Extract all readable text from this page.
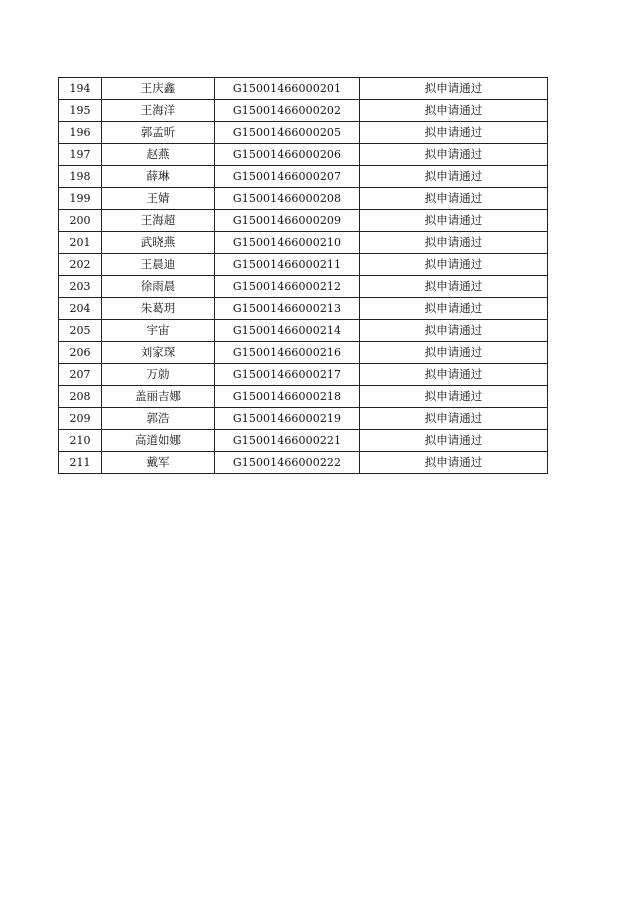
194	王庆鑫	G15001466000201	拟申请通过
195	王海洋	G15001466000202	拟申请通过
196	郭孟昕	G15001466000205	拟申请通过
197	赵燕	G15001466000206	拟申请通过
198	薛琳	G15001466000207	拟申请通过
199	王婧	G15001466000208	拟申请通过
200	王海超	G15001466000209	拟申请通过
201	武晓燕	G15001466000210	拟申请通过
202	王晨迪	G15001466000211	拟申请通过
203	徐雨晨	G15001466000212	拟申请通过
204	朱葛玥	G15001466000213	拟申请通过
205	宇宙	G15001466000214	拟申请通过
206	刘家琛	G15001466000216	拟申请通过
207	万勍	G15001466000217	拟申请通过
208	盖丽吉娜	G15001466000218	拟申请通过
209	郭浩	G15001466000219	拟申请通过
210	高道如娜	G15001466000221	拟申请通过
211	戴军	G15001466000222	拟申请通过
